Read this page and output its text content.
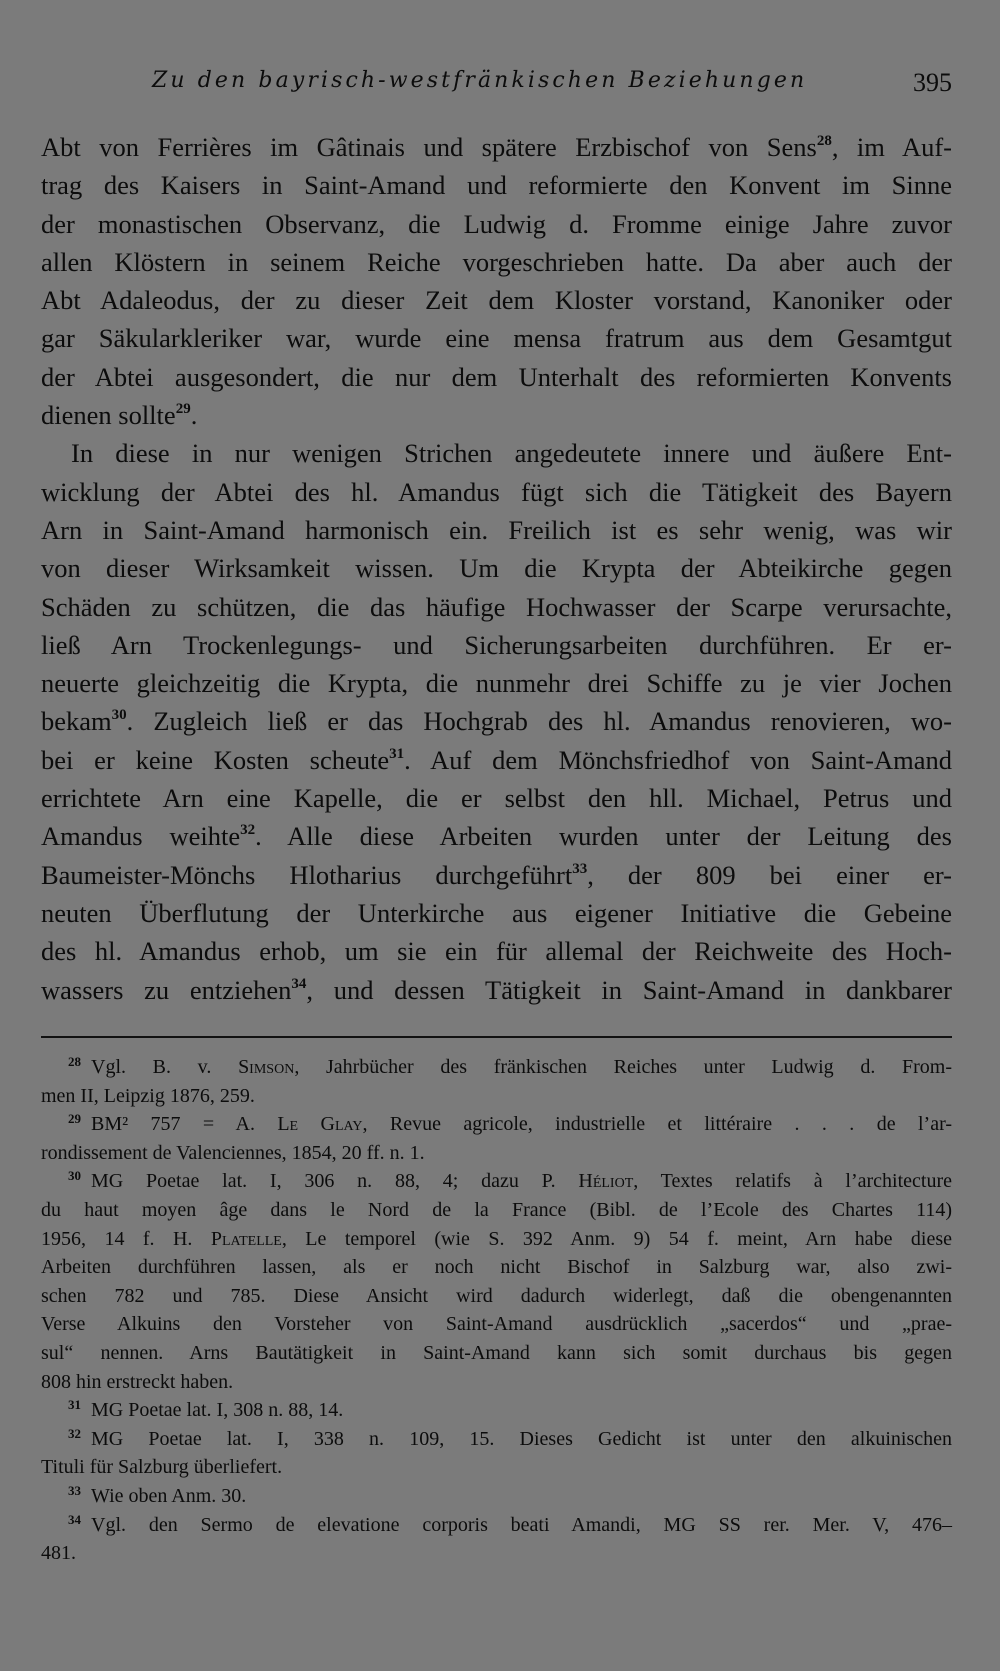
Zu den bayrisch-westfränkischen Beziehungen	395
Abt von Ferrières im Gâtinais und spätere Erzbischof von Sens$^{28}$, im Auf-
trag des Kaisers in Saint-Amand und reformierte den Konvent im Sinne
der monastischen Observanz, die Ludwig d. Fromme einige Jahre zuvor
allen Klöstern in seinem Reiche vorgeschrieben hatte. Da aber auch der
Abt Adaleodus, der zu dieser Zeit dem Kloster vorstand, Kanoniker oder
gar Säkularkleriker war, wurde eine mensa fratrum aus dem Gesamtgut
der Abtei ausgesondert, die nur dem Unterhalt des reformierten Konvents
dienen sollte$^{29}$.
In diese in nur wenigen Strichen angedeutete innere und äußere Ent-
wicklung der Abtei des hl. Amandus fügt sich die Tätigkeit des Bayern
Arn in Saint-Amand harmonisch ein. Freilich ist es sehr wenig, was wir
von dieser Wirksamkeit wissen. Um die Krypta der Abteikirche gegen
Schäden zu schützen, die das häufige Hochwasser der Scarpe verursachte,
ließ Arn Trockenlegungs- und Sicherungsarbeiten durchführen. Er er-
neuerte gleichzeitig die Krypta, die nunmehr drei Schiffe zu je vier Jochen
bekam$^{30}$. Zugleich ließ er das Hochgrab des hl. Amandus renovieren, wo-
bei er keine Kosten scheute$^{31}$. Auf dem Mönchsfriedhof von Saint-Amand
errichtete Arn eine Kapelle, die er selbst den hll. Michael, Petrus und
Amandus weihte$^{32}$. Alle diese Arbeiten wurden unter der Leitung des
Baumeister-Mönchs Hlotharius durchgeführt$^{33}$, der 809 bei einer er-
neuten Überflutung der Unterkirche aus eigener Initiative die Gebeine
des hl. Amandus erhob, um sie ein für allemal der Reichweite des Hoch-
wassers zu entziehen$^{34}$, und dessen Tätigkeit in Saint-Amand in dankbarer
$^{28}$ Vgl. B. v. Simson, Jahrbücher des fränkischen Reiches unter Ludwig d. From-
men II, Leipzig 1876, 259.
$^{29}$ BM² 757 = A. Le Glay, Revue agricole, industrielle et littéraire . . . de l’ar-
rondissement de Valenciennes, 1854, 20 ff. n. 1.
$^{30}$ MG Poetae lat. I, 306 n. 88, 4; dazu P. Héliot, Textes relatifs à l’architecture
du haut moyen âge dans le Nord de la France (Bibl. de l’Ecole des Chartes 114)
1956, 14 f. H. Platelle, Le temporel (wie S. 392 Anm. 9) 54 f. meint, Arn habe diese
Arbeiten durchführen lassen, als er noch nicht Bischof in Salzburg war, also zwi-
schen 782 und 785. Diese Ansicht wird dadurch widerlegt, daß die obengenannten
Verse Alkuins den Vorsteher von Saint-Amand ausdrücklich „sacerdos“ und „prae-
sul“ nennen. Arns Bautätigkeit in Saint-Amand kann sich somit durchaus bis gegen
808 hin erstreckt haben.
$^{31}$ MG Poetae lat. I, 308 n. 88, 14.
$^{32}$ MG Poetae lat. I, 338 n. 109, 15. Dieses Gedicht ist unter den alkuinischen
Tituli für Salzburg überliefert.
$^{33}$ Wie oben Anm. 30.
$^{34}$ Vgl. den Sermo de elevatione corporis beati Amandi, MG SS rer. Mer. V, 476–
481.
